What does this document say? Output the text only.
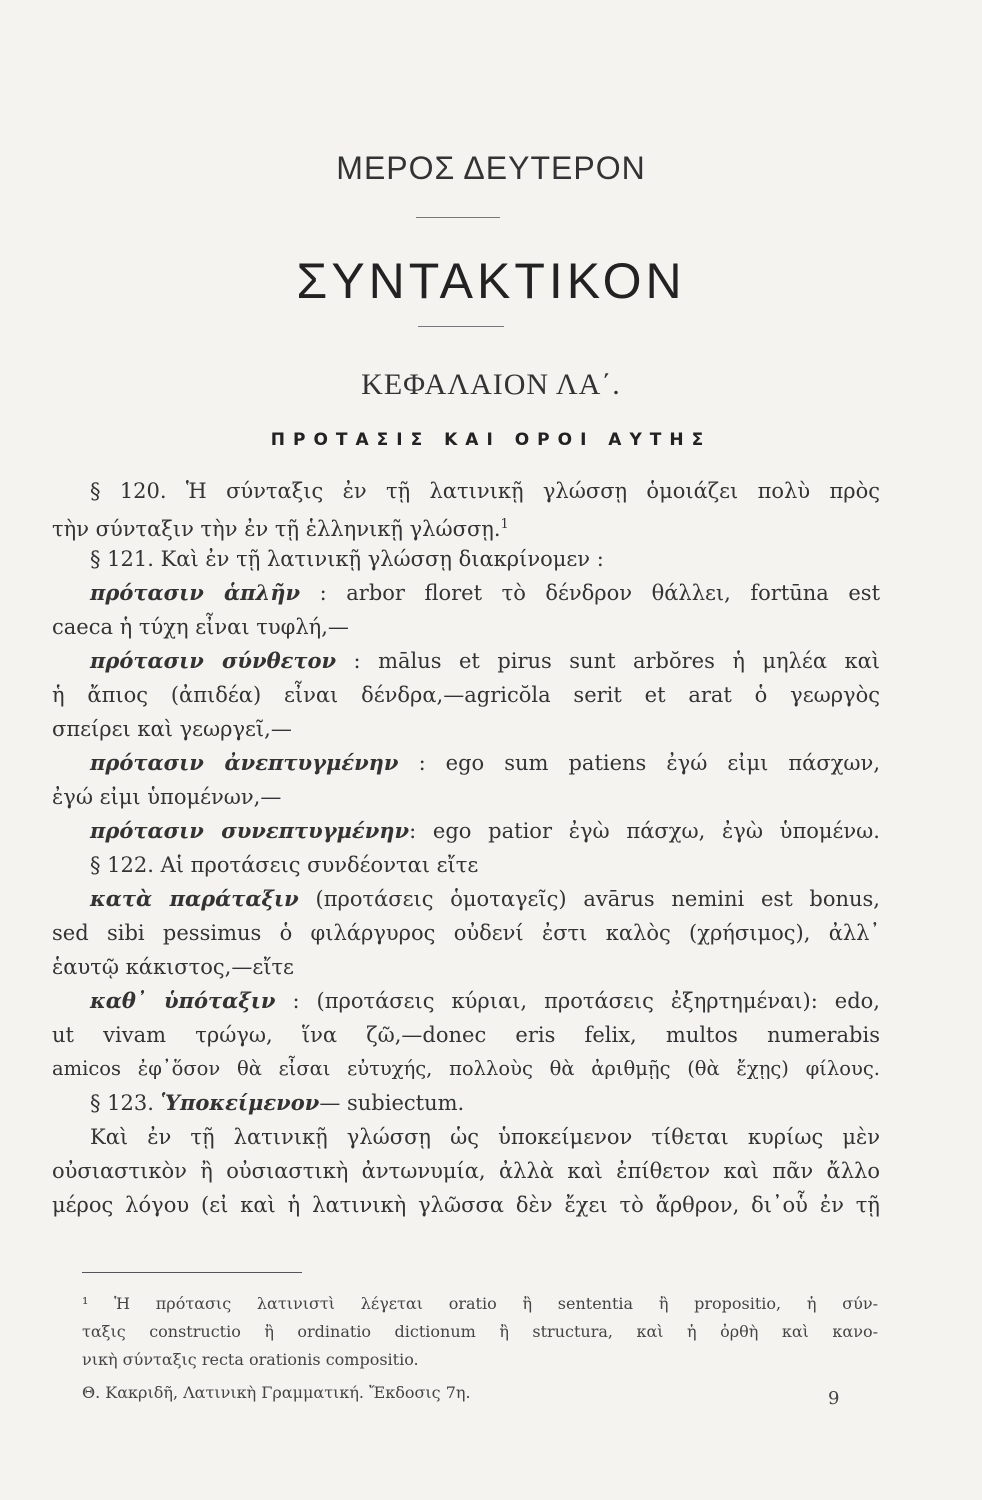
ΜΕΡΟΣ ΔΕΥΤΕΡΟΝ
ΣΥΝΤΑΚΤΙΚΟΝ
ΚΕΦΑΛΑΙΟΝ ΛΑ΄.
ΠΡΟΤΑΣΙΣ ΚΑΙ ΟΡΟΙ ΑΥΤΗΣ
§ 120. Ἡ σύνταξις ἐν τῇ λατινικῇ γλώσσῃ ὁμοιάζει πολὺ πρὸς
τὴν σύνταξιν τὴν ἐν τῇ ἑλληνικῇ γλώσσῃ.$^1$
§ 121. Καὶ ἐν τῇ λατινικῇ γλώσσῃ διακρίνομεν :
πρότασιν ἁπλῆν : arbor floret τὸ δένδρον θάλλει, fortūna est
caeca ἡ τύχη εἶναι τυφλή,—
πρότασιν σύνθετον : mālus et pirus sunt arbŏres ἡ μηλέα καὶ
ἡ ἄπιος (ἀπιδέα) εἶναι δένδρα,—agricŏla serit et arat ὁ γεωργὸς
σπείρει καὶ γεωργεῖ,—
πρότασιν ἀνεπτυγμένην : ego sum patiens ἐγώ εἰμι πάσχων,
ἐγώ εἰμι ὑπομένων,—
πρότασιν συνεπτυγμένην: ego patior ἐγὼ πάσχω, ἐγὼ ὑπομένω.
§ 122. Αἱ προτάσεις συνδέονται εἴτε
κατὰ παράταξιν (προτάσεις ὁμοταγεῖς) avārus nemini est bonus,
sed sibi pessimus ὁ φιλάργυρος οὐδενί ἐστι καλὸς (χρήσιμος), ἀλλ᾿
ἑαυτῷ κάκιστος,—εἴτε
καθ᾿ ὑπόταξιν : (προτάσεις κύριαι, προτάσεις ἐξηρτημέναι): edo,
ut vivam τρώγω, ἵνα ζῶ,—donec eris felix, multos numerabis
amicos ἐφ᾿ὅσον θὰ εἶσαι εὐτυχής, πολλοὺς θὰ ἀριθμῇς (θὰ ἔχῃς) φίλους.
§ 123. Ὑποκείμενον— subiectum.
Καὶ ἐν τῇ λατινικῇ γλώσσῃ ὡς ὑποκείμενον τίθεται κυρίως μὲν
οὐσιαστικὸν ἢ οὐσιαστικὴ ἀντωνυμία, ἀλλὰ καὶ ἐπίθετον καὶ πᾶν ἄλλο
μέρος λόγου (εἰ καὶ ἡ λατινικὴ γλῶσσα δὲν ἔχει τὸ ἄρθρον, δι᾿οὗ ἐν τῇ
¹ Ἡ πρότασις λατινιστὶ λέγεται oratio ἢ sententia ἢ propositio, ἡ σύν-
ταξις constructio ἢ ordinatio dictionum ἢ structura, καὶ ἡ ὀρθὴ καὶ κανο-
νικὴ σύνταξις recta orationis compositio.
Θ. Κακριδῆ, Λατινικὴ Γραμματική. Ἔκδοσις 7η.	9
